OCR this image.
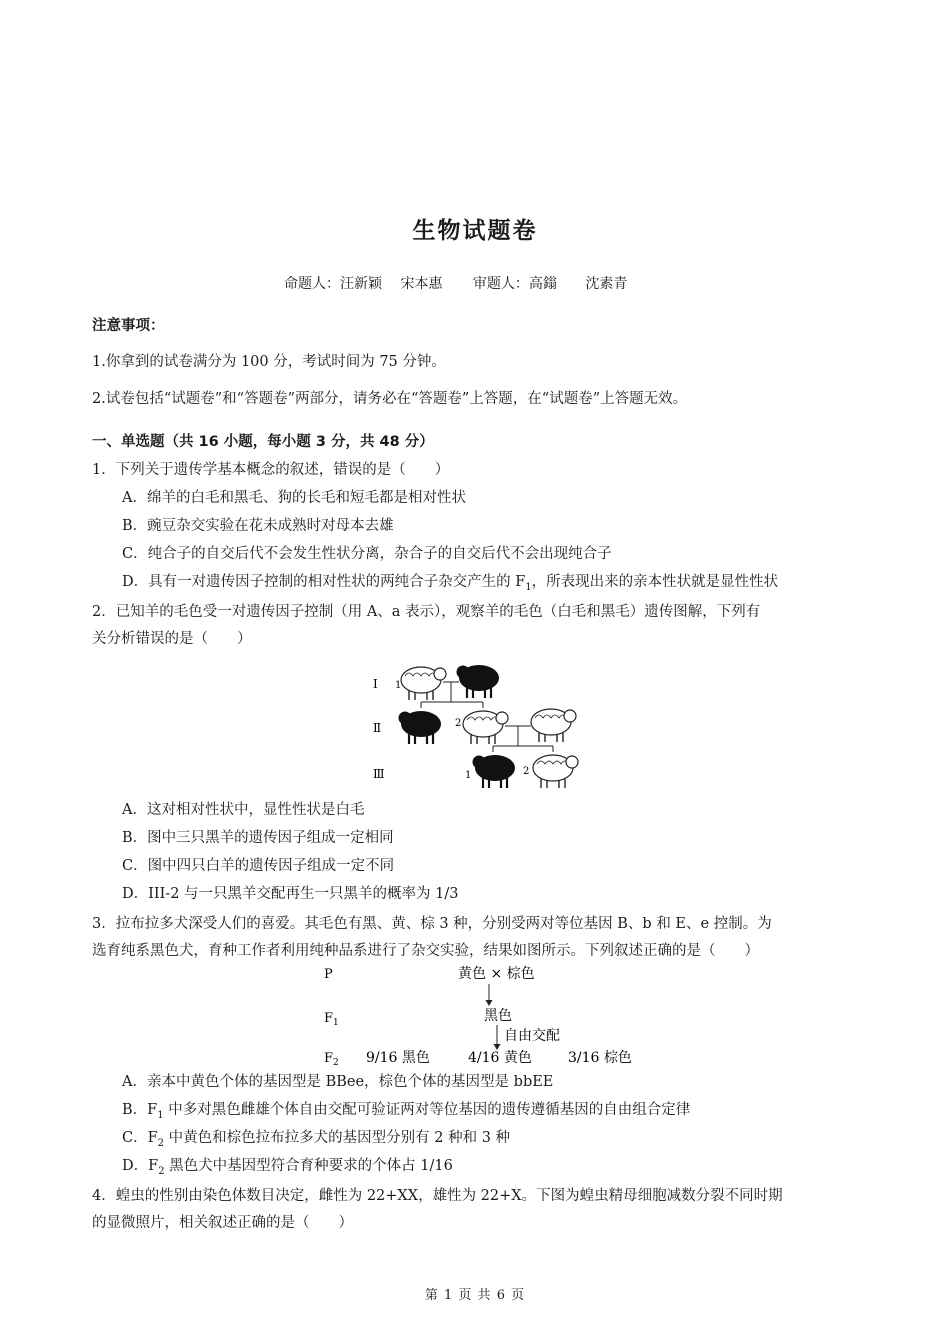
生物试题卷
命题人：汪新颖 宋本惠 审题人：高鎓 沈素青
注意事项：
1.你拿到的试卷满分为 100 分，考试时间为 75 分钟。
2.试卷包括“试题卷”和“答题卷”两部分，请务必在“答题卷”上答题，在“试题卷”上答题无效。
一、单选题（共 16 小题，每小题 3 分，共 48 分）
1．下列关于遗传学基本概念的叙述，错误的是（　　）
A．绵羊的白毛和黑毛、狗的长毛和短毛都是相对性状
B．豌豆杂交实验在花未成熟时对母本去雄
C．纯合子的自交后代不会发生性状分离，杂合子的自交后代不会出现纯合子
D．具有一对遗传因子控制的相对性状的两纯合子杂交产生的 $F_1$，所表现出来的亲本性状就是显性性状
2．已知羊的毛色受一对遗传因子控制（用 A、a 表示），观察羊的毛色（白毛和黑毛）遗传图解，下列有
关分析错误的是（　　）
Ⅰ
Ⅱ
Ⅲ
1
2
1	2
A．这对相对性状中，显性性状是白毛
B．图中三只黑羊的遗传因子组成一定相同
C．图中四只白羊的遗传因子组成一定不同
D．III-2 与一只黑羊交配再生一只黑羊的概率为 1/3
3．拉布拉多犬深受人们的喜爱。其毛色有黑、黄、棕 3 种，分别受两对等位基因 B、b 和 E、e 控制。为
选育纯系黑色犬，育种工作者利用纯种品系进行了杂交实验，结果如图所示。下列叙述正确的是（　　）
P	黄色 × 棕色
$F_1$	黑色
自由交配
$F_2$ 9/16 黑色	4/16 黄色	3/16 棕色
A．亲本中黄色个体的基因型是 BBee，棕色个体的基因型是 bbEE
B．$F_1$ 中多对黑色雌雄个体自由交配可验证两对等位基因的遗传遵循基因的自由组合定律
C．$F_2$ 中黄色和棕色拉布拉多犬的基因型分别有 2 种和 3 种
D．$F_2$ 黑色犬中基因型符合育种要求的个体占 1/16
4．蝗虫的性别由染色体数目决定，雌性为 22+XX，雄性为 22+X。下图为蝗虫精母细胞减数分裂不同时期
的显微照片，相关叙述正确的是（　　）
第 1 页 共 6 页
